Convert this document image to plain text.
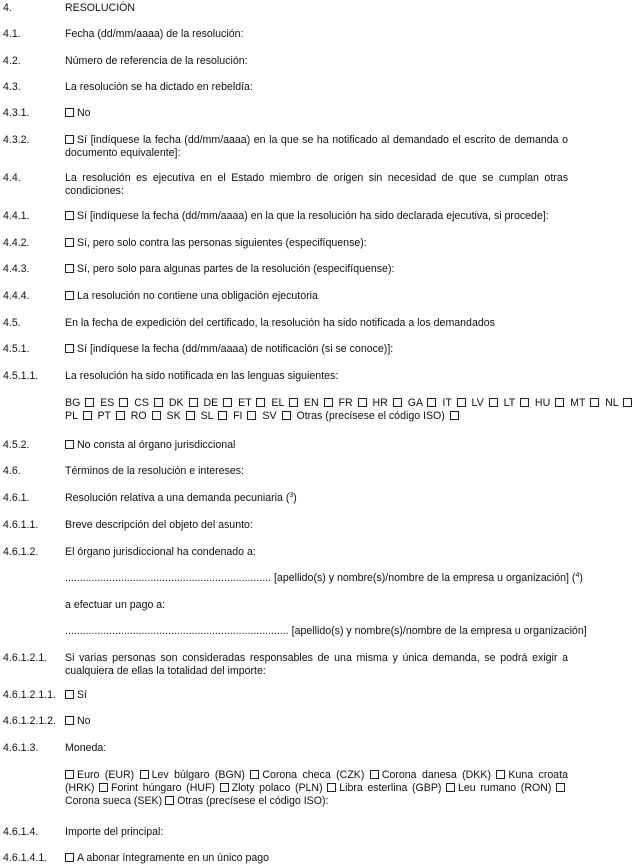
4.	RESOLUCIÓN
4.1.	Fecha (dd/mm/aaaa) de la resolución:
4.2.	Número de referencia de la resolución:
4.3.	La resolución se ha dictado en rebeldía:
4.3.1.	No
4.3.2.	Sí [indíquese la fecha (dd/mm/aaaa) en la que se ha notificado al demandado el escrito de demanda o documento equivalente]:
4.4.	La resolución es ejecutiva en el Estado miembro de origen sin necesidad de que se cumplan otras condiciones:
4.4.1.	Sí [indíquese la fecha (dd/mm/aaaa) en la que la resolución ha sido declarada ejecutiva, si procede]:
4.4.2.	Sí, pero solo contra las personas siguientes (especifíquense):
4.4.3.	Sí, pero solo para algunas partes de la resolución (especifíquense):
4.4.4.	La resolución no contiene una obligación ejecutoria
4.5.	En la fecha de expedición del certificado, la resolución ha sido notificada a los demandados
4.5.1.	Sí [indíquese la fecha (dd/mm/aaaa) de notificación (si se conoce)]:
4.5.1.1.	La resolución ha sido notificada en las lenguas siguientes:
BG ES CS DK DE ET EL EN FR HR GA IT LV LT HU MT NL
PL PT RO SK SL FI SV Otras (precísese el código ISO)
4.5.2.	No consta al órgano jurisdiccional
4.6.	Términos de la resolución e intereses:
4.6.1.	Resolución relativa a una demanda pecuniaria ($^3$)
4.6.1.1.	Breve descripción del objeto del asunto:
4.6.1.2.	El órgano jurisdiccional ha condenado a:
...................................................................... [apellido(s) y nombre(s)/nombre de la empresa u organización] ($^4$)
a efectuar un pago a:
............................................................................ [apellido(s) y nombre(s)/nombre de la empresa u organización]
4.6.1.2.1. Si varias personas son consideradas responsables de una misma y única demanda, se podrá exigir a cualquiera de ellas la totalidad del importe:
4.6.1.2.1.1.	Sí
4.6.1.2.1.2.	No
4.6.1.3.	Moneda:
Euro (EUR) Lev búlgaro (BGN) Corona checa (CZK) Corona danesa (DKK) Kuna croata (HRK) Forint húngaro (HUF) Zloty polaco (PLN) Libra esterlina (GBP) Leu rumano (RON) Corona sueca (SEK) Otras (precísese el código ISO):
4.6.1.4.	Importe del principal:
4.6.1.4.1.	A abonar íntegramente en un único pago
